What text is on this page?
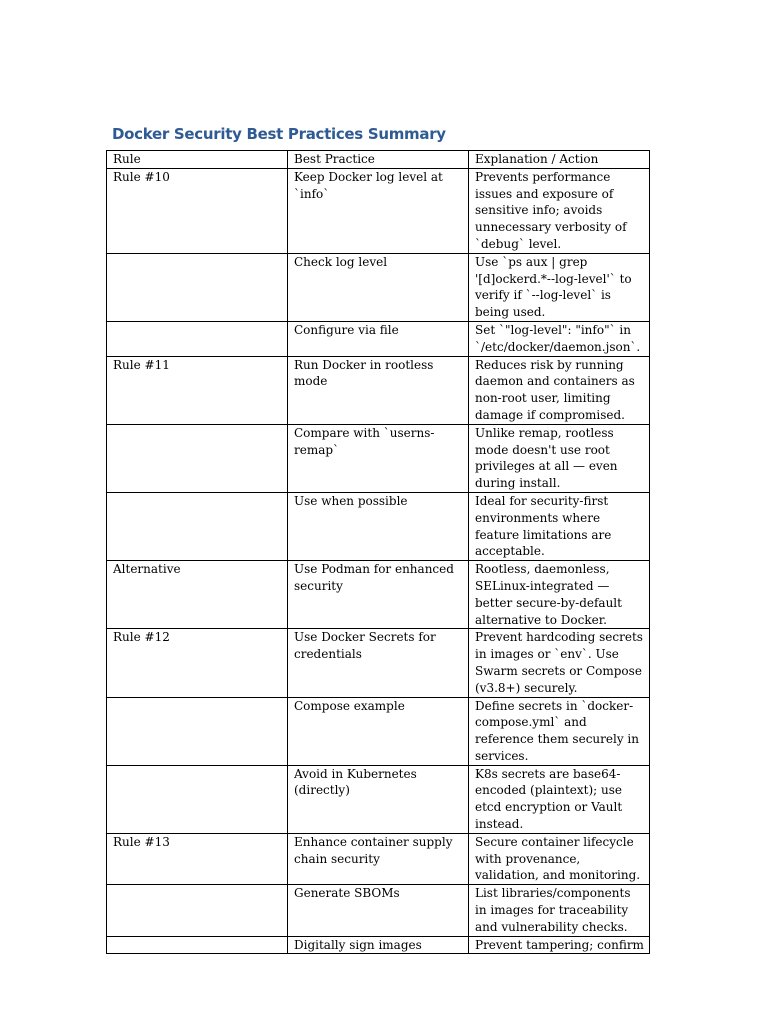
Docker Security Best Practices Summary
Rule	Best Practice	Explanation / Action
Rule #10	Keep Docker log level at `info`	Prevents performance issues and exposure of sensitive info; avoids unnecessary verbosity of `debug` level.
	Check log level	Use `ps aux | grep '[d]ockerd.*--log-level'` to verify if `--log-level` is being used.
	Configure via file	Set `"log-level": "info"` in `/etc/docker/daemon.json`.
Rule #11	Run Docker in rootless mode	Reduces risk by running daemon and containers as non-root user, limiting damage if compromised.
	Compare with `userns-remap`	Unlike remap, rootless mode doesn't use root privileges at all — even during install.
	Use when possible	Ideal for security-first environments where feature limitations are acceptable.
Alternative	Use Podman for enhanced security	Rootless, daemonless, SELinux-integrated — better secure-by-default alternative to Docker.
Rule #12	Use Docker Secrets for credentials	Prevent hardcoding secrets in images or `env`. Use Swarm secrets or Compose (v3.8+) securely.
	Compose example	Define secrets in `docker-compose.yml` and reference them securely in services.
	Avoid in Kubernetes (directly)	K8s secrets are base64-encoded (plaintext); use etcd encryption or Vault instead.
Rule #13	Enhance container supply chain security	Secure container lifecycle with provenance, validation, and monitoring.
	Generate SBOMs	List libraries/components in images for traceability and vulnerability checks.
	Digitally sign images	Prevent tampering; confirm
